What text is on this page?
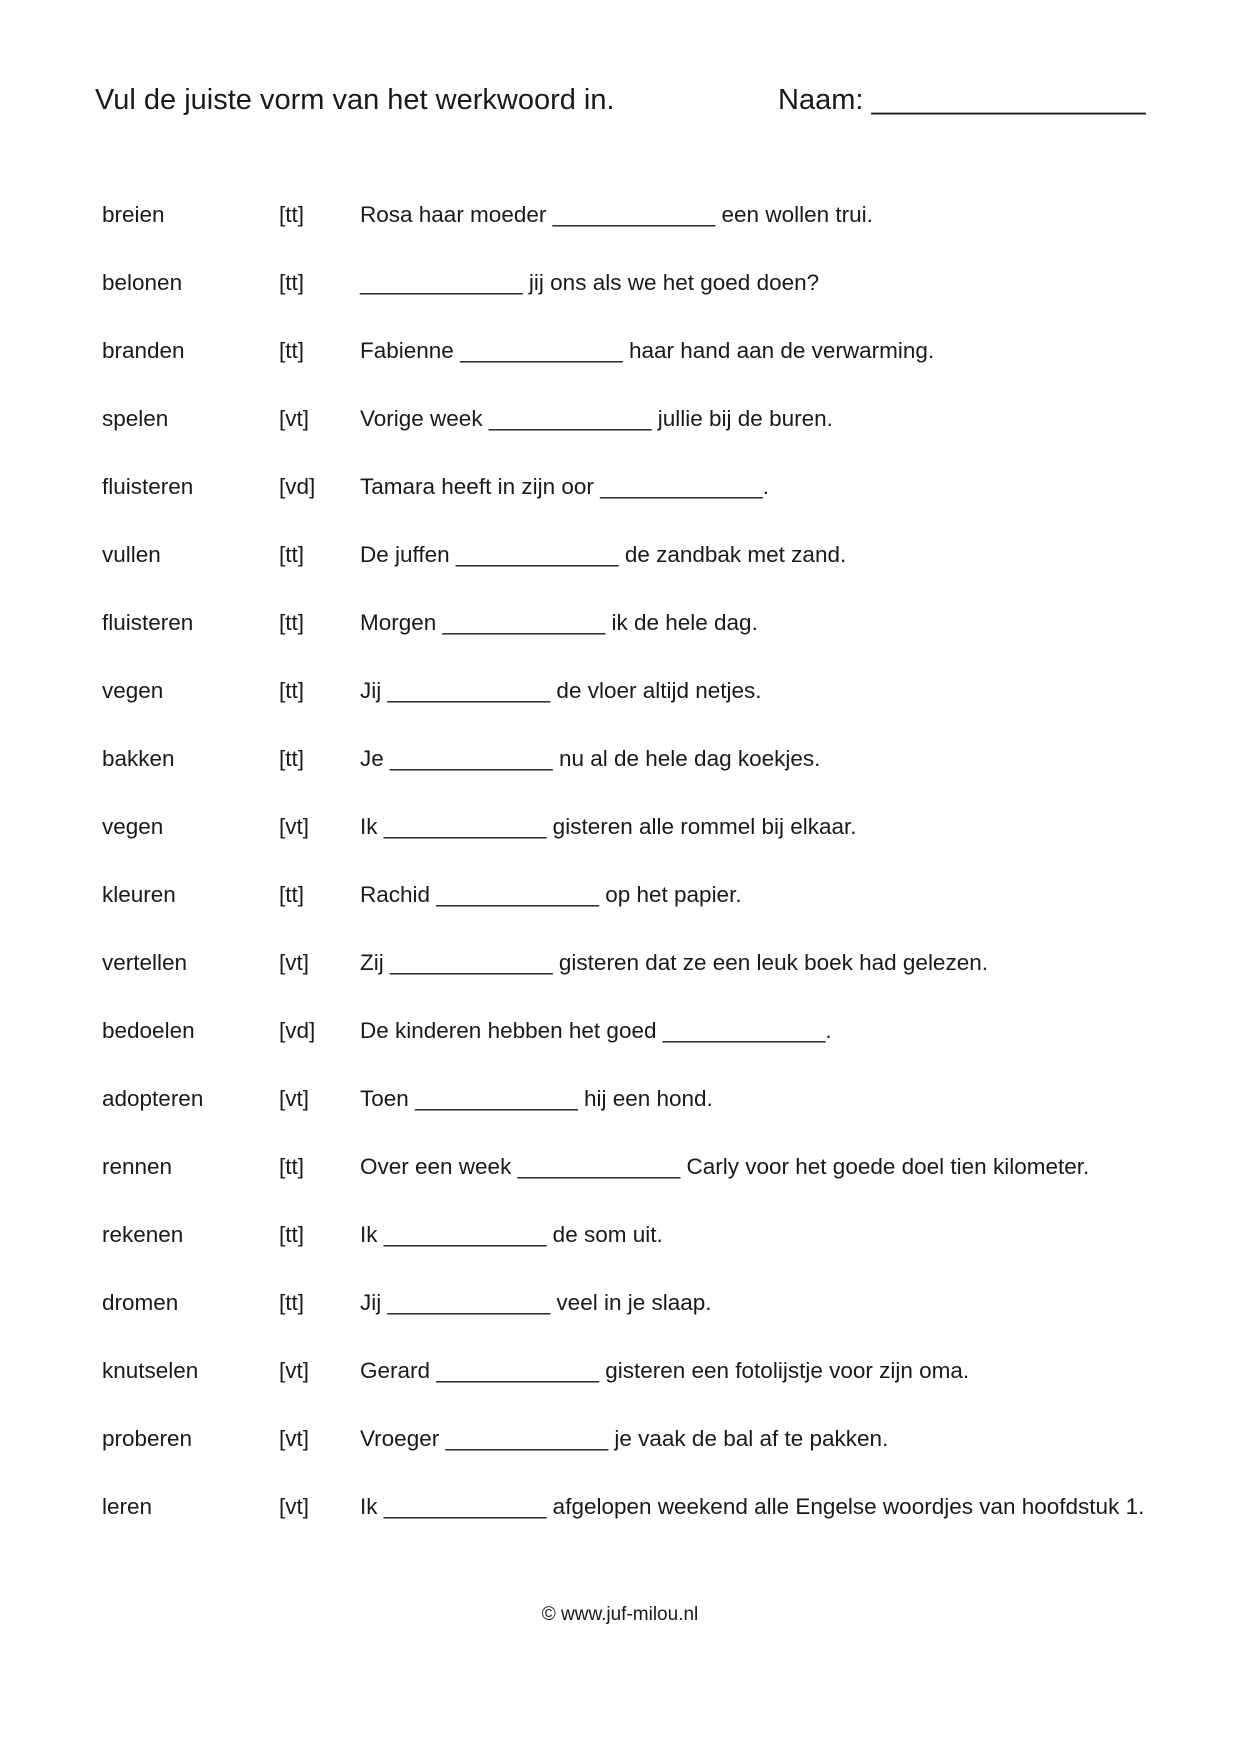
Vul de juiste vorm van het werkwoord in.	Naam: _________________
breien	[tt] Rosa haar moeder _____________ een wollen trui.
belonen	[tt] _____________ jij ons als we het goed doen?
branden	[tt] Fabienne _____________ haar hand aan de verwarming.
spelen	[vt] Vorige week _____________ jullie bij de buren.
fluisteren	[vd] Tamara heeft in zijn oor _____________.
vullen	[tt] De juffen _____________ de zandbak met zand.
fluisteren	[tt] Morgen _____________ ik de hele dag.
vegen	[tt] Jij _____________ de vloer altijd netjes.
bakken	[tt] Je _____________ nu al de hele dag koekjes.
vegen	[vt] Ik _____________ gisteren alle rommel bij elkaar.
kleuren	[tt] Rachid _____________ op het papier.
vertellen	[vt] Zij _____________ gisteren dat ze een leuk boek had gelezen.
bedoelen	[vd] De kinderen hebben het goed _____________.
adopteren	[vt] Toen _____________ hij een hond.
rennen	[tt] Over een week _____________ Carly voor het goede doel tien kilometer.
rekenen	[tt] Ik _____________ de som uit.
dromen	[tt] Jij _____________ veel in je slaap.
knutselen	[vt] Gerard _____________ gisteren een fotolijstje voor zijn oma.
proberen	[vt] Vroeger _____________ je vaak de bal af te pakken.
leren	[vt] Ik _____________ afgelopen weekend alle Engelse woordjes van hoofdstuk 1.
© www.juf-milou.nl
